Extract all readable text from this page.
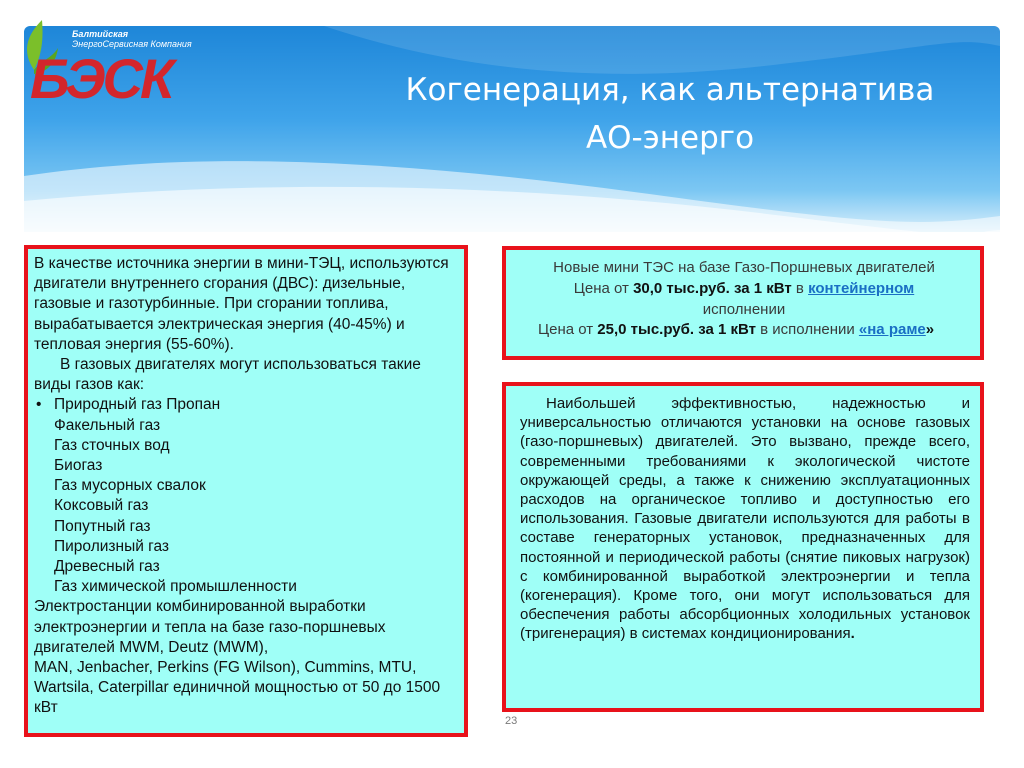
Балтийская
ЭнергоСервисная Компания
БЭСК	Когенерация, как альтернатива
АО-энерго

В качестве источника энергии в мини-ТЭЦ, используются двигатели внутреннего сгорания (ДВС): дизельные, газовые и газотурбинные. При сгорании топлива, вырабатывается электрическая энергия (40-45%) и тепловая энергия (55-60%).

В газовых двигателях могут использоваться такие виды газов как:

• Природный газ Пропан
Факельный газ
Газ сточных вод
Биогаз
Газ мусорных свалок
Коксовый газ
Попутный газ
Пиролизный газ
Древесный газ
Газ химической промышленности

Электростанции комбинированной выработки электроэнергии и тепла на базе газо-поршневых двигателей MWM, Deutz (MWM),

MAN, Jenbacher, Perkins (FG Wilson), Cummins, MTU, Wartsila, Caterpillar единичной мощностью от 50 до 1500 кВт

Новые мини ТЭС на базе Газо-Поршневых двигателей
Цена от 30,0 тыс.руб. за 1 кВт в контейнерном
исполнении
Цена от 25,0 тыс.руб. за 1 кВт в исполнении «на раме»
Наибольшей эффективностью, надежностью и универсальностью отличаются установки на основе газовых (газо-поршневых) двигателей. Это вызвано, прежде всего, современными требованиями к экологической чистоте окружающей среды, а также к снижению эксплуатационных расходов на органическое топливо и доступностью его использования. Газовые двигатели используются для работы в составе генераторных установок, предназначенных для постоянной и периодической работы (снятие пиковых нагрузок) с комбинированной выработкой электроэнергии и тепла (когенерация). Кроме того, они могут использоваться для обеспечения работы абсорбционных холодильных установок (тригенерация) в системах кондиционирования.
23
